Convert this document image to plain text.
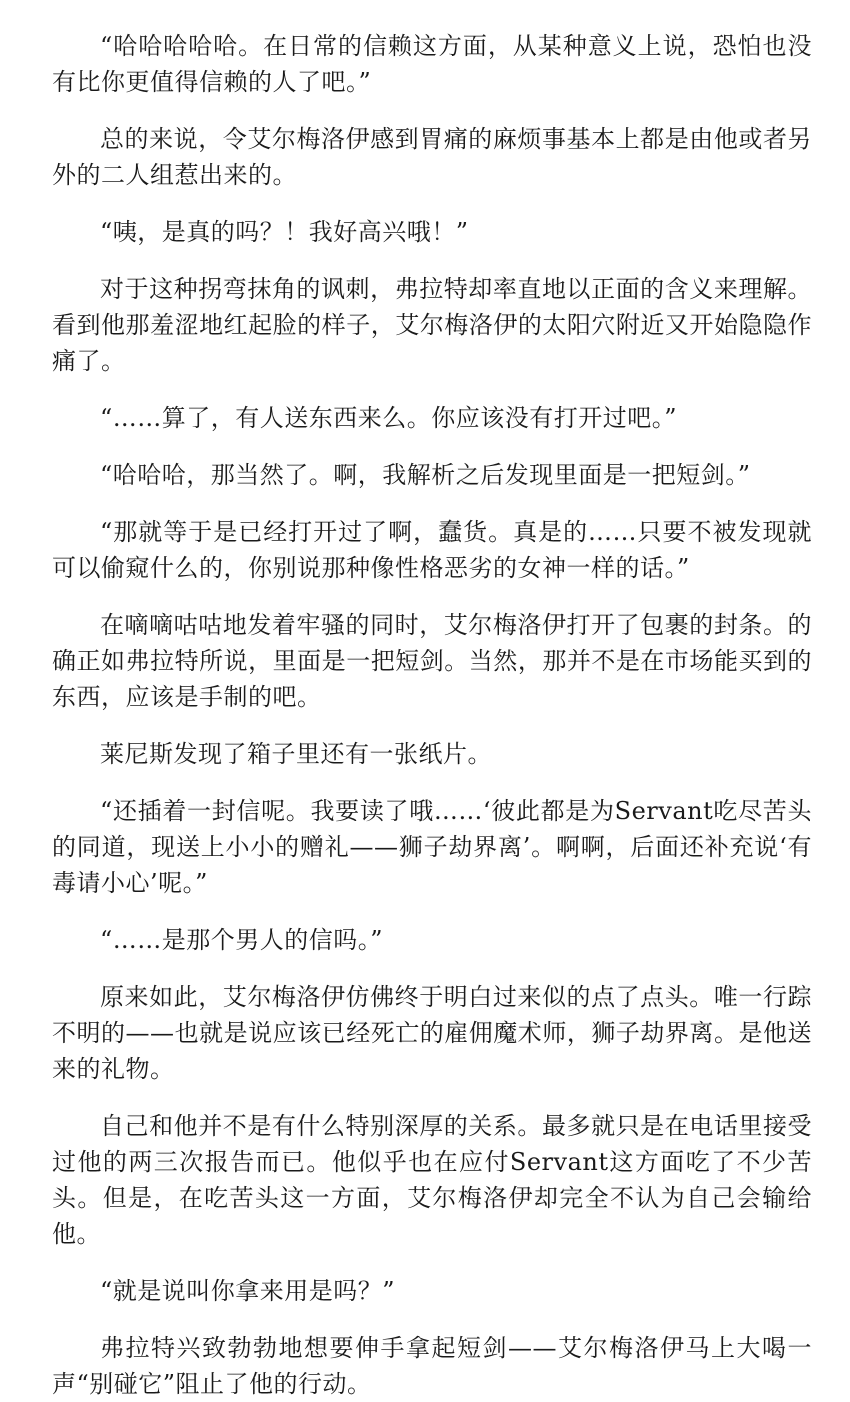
“哈哈哈哈哈。在日常的信赖这方面，从某种意义上说，恐怕也没有比你更值得信赖的人了吧。”

总的来说，令艾尔梅洛伊感到胃痛的麻烦事基本上都是由他或者另外的二人组惹出来的。

“咦，是真的吗？！我好高兴哦！”

对于这种拐弯抹角的讽刺，弗拉特却率直地以正面的含义来理解。看到他那羞涩地红起脸的样子，艾尔梅洛伊的太阳穴附近又开始隐隐作痛了。

“……算了，有人送东西来么。你应该没有打开过吧。”

“哈哈哈，那当然了。啊，我解析之后发现里面是一把短剑。”

“那就等于是已经打开过了啊，蠢货。真是的……只要不被发现就可以偷窥什么的，你别说那种像性格恶劣的女神一样的话。”

在嘀嘀咕咕地发着牢骚的同时，艾尔梅洛伊打开了包裹的封条。的确正如弗拉特所说，里面是一把短剑。当然，那并不是在市场能买到的东西，应该是手制的吧。

莱尼斯发现了箱子里还有一张纸片。

“还插着一封信呢。我要读了哦……‘彼此都是为Servant吃尽苦头的同道，现送上小小的赠礼——狮子劫界离’。啊啊，后面还补充说‘有毒请小心’呢。”

“……是那个男人的信吗。”

原来如此，艾尔梅洛伊仿佛终于明白过来似的点了点头。唯一行踪不明的——也就是说应该已经死亡的雇佣魔术师，狮子劫界离。是他送来的礼物。

自己和他并不是有什么特别深厚的关系。最多就只是在电话里接受过他的两三次报告而已。他似乎也在应付Servant这方面吃了不少苦头。但是，在吃苦头这一方面，艾尔梅洛伊却完全不认为自己会输给他。

“就是说叫你拿来用是吗？”

弗拉特兴致勃勃地想要伸手拿起短剑——艾尔梅洛伊马上大喝一声“别碰它”阻止了他的行动。
